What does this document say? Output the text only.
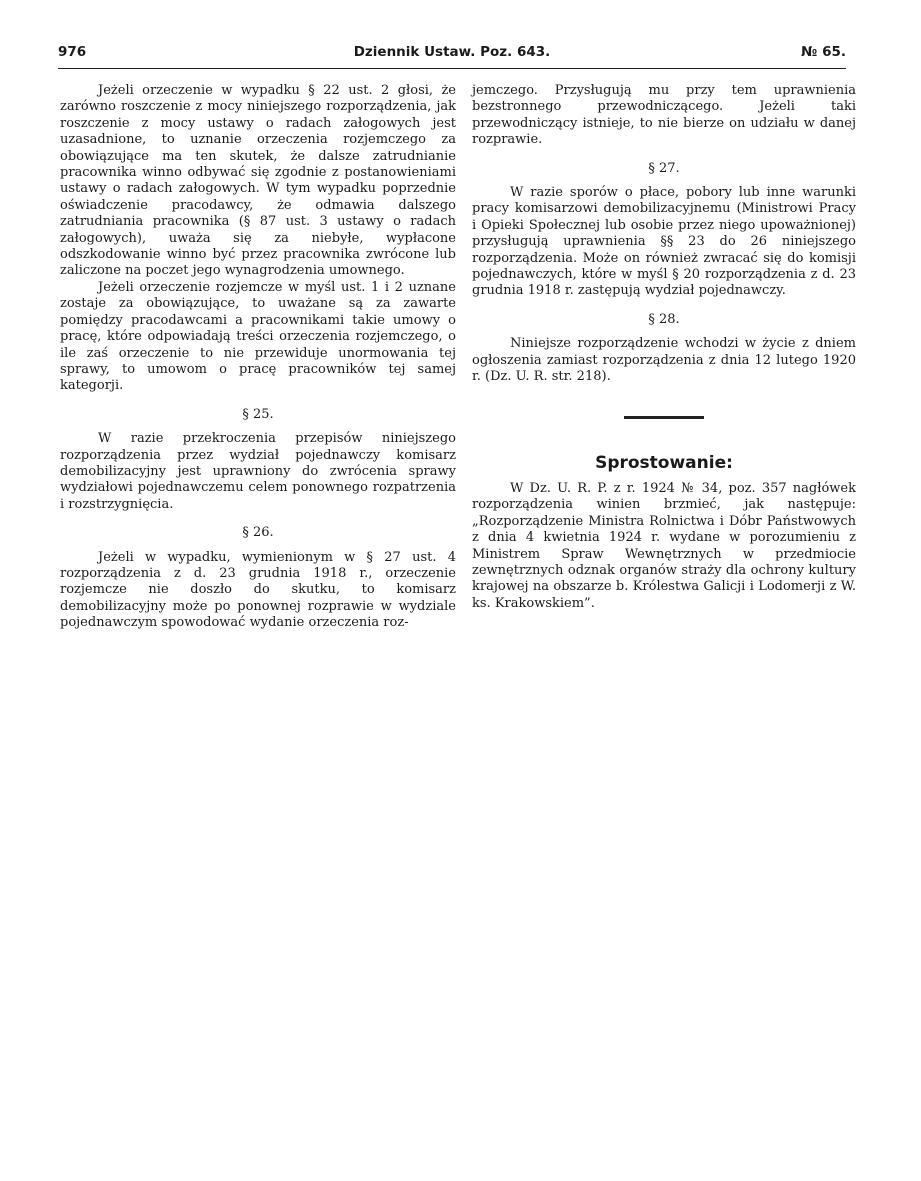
976	Dziennik Ustaw. Poz. 643.	№ 65.

Jeżeli orzeczenie w wypadku § 22 ust. 2 głosi, że zarówno roszczenie z mocy niniejszego rozporządzenia, jak roszczenie z mocy ustawy o radach załogowych jest uzasadnione, to uznanie orzeczenia rozjemczego za obowiązujące ma ten skutek, że dalsze zatrudnianie pracownika winno odbywać się zgodnie z postanowieniami ustawy o radach załogowych. W tym wypadku poprzednie oświadczenie pracodawcy, że odmawia dalszego zatrudniania pracownika (§ 87 ust. 3 ustawy o radach załogowych), uważa się za niebyłe, wypłacone odszkodowanie winno być przez pracownika zwrócone lub zaliczone na poczet jego wynagrodzenia umownego.

Jeżeli orzeczenie rozjemcze w myśl ust. 1 i 2 uznane zostaje za obowiązujące, to uważane są za zawarte pomiędzy pracodawcami a pracownikami takie umowy o pracę, które odpowiadają treści orzeczenia rozjemczego, o ile zaś orzeczenie to nie przewiduje unormowania tej sprawy, to umowom o pracę pracowników tej samej kategorji.

§ 25.

W razie przekroczenia przepisów niniejszego rozporządzenia przez wydział pojednawczy komisarz demobilizacyjny jest uprawniony do zwrócenia sprawy wydziałowi pojednawczemu celem ponownego rozpatrzenia i rozstrzygnięcia.

§ 26.

Jeżeli w wypadku, wymienionym w § 27 ust. 4 rozporządzenia z d. 23 grudnia 1918 r., orzeczenie rozjemcze nie doszło do skutku, to komisarz demobilizacyjny może po ponownej rozprawie w wydziale pojednawczym spowodować wydanie orzeczenia roz-

jemczego. Przysługują mu przy tem uprawnienia bezstronnego przewodniczącego. Jeżeli taki przewodniczący istnieje, to nie bierze on udziału w danej rozprawie.

§ 27.

W razie sporów o płace, pobory lub inne warunki pracy komisarzowi demobilizacyjnemu (Ministrowi Pracy i Opieki Społecznej lub osobie przez niego upoważnionej) przysługują uprawnienia §§ 23 do 26 niniejszego rozporządzenia. Może on również zwracać się do komisji pojednawczych, które w myśl § 20 rozporządzenia z d. 23 grudnia 1918 r. zastępują wydział pojednawczy.

§ 28.

Niniejsze rozporządzenie wchodzi w życie z dniem ogłoszenia zamiast rozporządzenia z dnia 12 lutego 1920 r. (Dz. U. R. str. 218).

Sprostowanie:

W Dz. U. R. P. z r. 1924 № 34, poz. 357 nagłówek rozporządzenia winien brzmieć, jak następuje: „Rozporządzenie Ministra Rolnictwa i Dóbr Państwowych z dnia 4 kwietnia 1924 r. wydane w porozumieniu z Ministrem Spraw Wewnętrznych w przedmiocie zewnętrznych odznak organów straży dla ochrony kultury krajowej na obszarze b. Królestwa Galicji i Lodomerji z W. ks. Krakowskiem”.
